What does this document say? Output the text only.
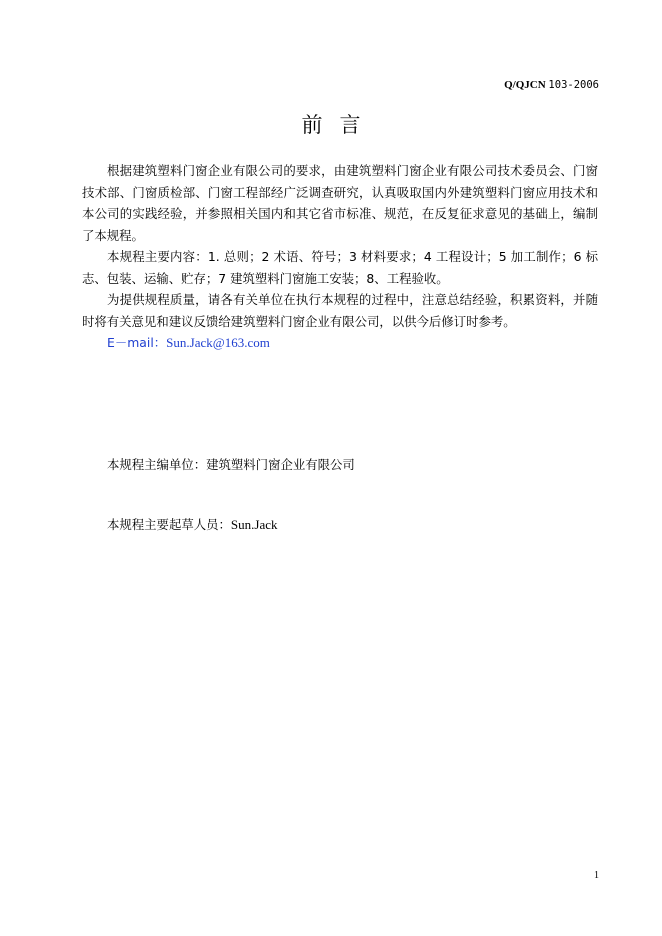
Q/QJCN 103-2006
前言

根据建筑塑料门窗企业有限公司的要求，由建筑塑料门窗企业有限公司技术委员会、门窗技术部、门窗质检部、门窗工程部经广泛调查研究，认真吸取国内外建筑塑料门窗应用技术和本公司的实践经验，并参照相关国内和其它省市标准、规范，在反复征求意见的基础上，编制了本规程。

本规程主要内容：1. 总则；2 术语、符号；3 材料要求；4 工程设计；5 加工制作；6 标志、包装、运输、贮存；7 建筑塑料门窗施工安装；8、工程验收。

为提供规程质量，请各有关单位在执行本规程的过程中，注意总结经验，积累资料，并随时将有关意见和建议反馈给建筑塑料门窗企业有限公司，以供今后修订时参考。

E－mail：Sun.Jack@163.com

本规程主编单位：建筑塑料门窗企业有限公司
本规程主要起草人员：Sun.Jack
1
